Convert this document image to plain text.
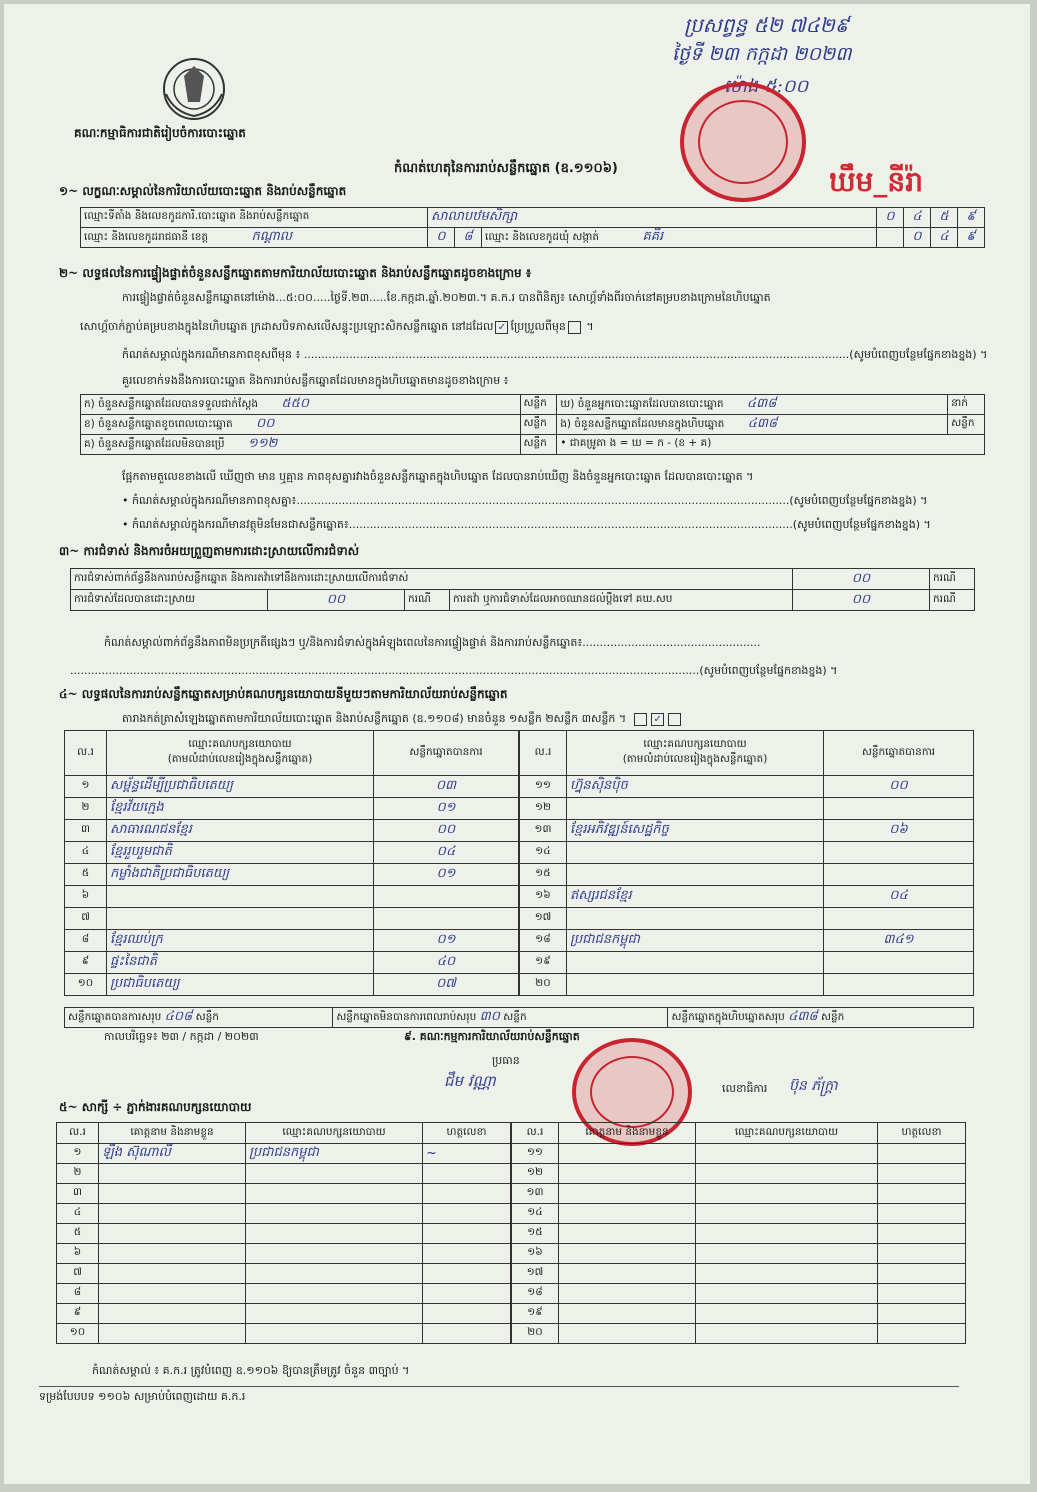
គណៈកម្មាធិការជាតិរៀបចំការបោះឆ្នោត
ប្រសព្វន្ធ ៥២ ៧៤២៩
ថ្ងៃទី ២៣ កក្កដា ២០២៣
ម៉ោង ៥:០០
ឃឹម_នីរ៉ា
កំណត់ហេតុនៃការរាប់សន្លឹកឆ្នោត (ឧ.១១០៦)
១~ លក្ខណៈសម្គាល់នៃការិយាល័យបោះឆ្នោត និងរាប់សន្លឹកឆ្នោត
ឈ្មោះទីតាំង និងលេខកូដការិ.បោះឆ្នោត និងរាប់សន្លឹកឆ្នោត	សាលាបឋមសិក្សា			០	៤	៥	៩
ឈ្មោះ និងលេខកូដរាជធានី ខេត្ត កណ្ដាល	០	៨	ឈ្មោះ និងលេខកូដឃុំ សង្កាត់ គគីរ		០	៤	៩
២~ លទ្ធផលនៃការផ្ទៀងផ្ទាត់ចំនួនសន្លឹកឆ្នោតតាមការិយាល័យបោះឆ្នោត និងរាប់សន្លឹកឆ្នោតដូចខាងក្រោម ៖
ការផ្ទៀងផ្ទាត់ចំនួនសន្លឹកឆ្នោតនៅម៉ោង...៥:០០.....ថ្ងៃទី.២៣.....ខែ.កក្កដា.ឆ្នាំ.២០២៣.។ គ.ក.រ បានពិនិត្យ៖ សោហ្គ័ទាំងពីរចាក់នៅគម្របខាងក្រោមនៃហិបឆ្នោត
សោហ្គ័ចាក់ភ្ជាប់គម្របខាងក្នុងនៃហិបឆ្នោត ក្រដាសបិទភាសលើសន្ទុះប្រឡោះសិកសន្លឹកឆ្នោត នៅដដែល ✓ ប្រែប្រួលពីមុន ។
កំណត់សម្គាល់ក្នុងករណីមានភាពខុសពីមុន ៖ ............................................................................................................................................................(សូមបំពេញបន្ថែមផ្នែកខាងខ្នង) ។
គួរលេខាក់ទងនឹងការបោះឆ្នោត និងការរាប់សន្លឹកឆ្នោតដែលមានក្នុងហិបឆ្នោតមានដូចខាងក្រោម ៖
ក) ចំនួនសន្លឹកឆ្នោតដែលបានទទួលជាក់ស្ដែង ៥៥០	សន្លឹក	ឃ) ចំនួនអ្នកបោះឆ្នោតដែលបានបោះឆ្នោត ៤៣៨	នាក់
ខ) ចំនួនសន្លឹកឆ្នោតខូចពេលបោះឆ្នោត ០០	សន្លឹក	ង) ចំនួនសន្លឹកឆ្នោតដែលមានក្នុងហិបឆ្នោត ៤៣៨	សន្លឹក
គ) ចំនួនសន្លឹកឆ្នោតដែលមិនបានប្រើ ១១២	សន្លឹក	• ជាគម្រូតា ង = ឃ = ក - (ខ + គ)	
ផ្អែកតាមតួលេខខាងលើ ឃើញថា មាន ឬគ្មាន ភាពខុសគ្នារវាងចំនួនសន្លឹកឆ្នោតក្នុងហិបឆ្នោត ដែលបានរាប់ឃើញ និងចំនួនអ្នកបោះឆ្នោត ដែលបានបោះឆ្នោត ។
• កំណត់សម្គាល់ក្នុងករណីមានភាពខុសគ្នា៖.............................................................................................................................................(សូមបំពេញបន្ថែមផ្នែកខាងខ្នង) ។
• កំណត់សម្គាល់ក្នុងករណីមានវត្ថុមិនមែនជាសន្លឹកឆ្នោត៖...............................................................................................................................(សូមបំពេញបន្ថែមផ្នែកខាងខ្នង) ។
៣~ ការជំទាស់ និងការចំអយព្រួញតាមការដោះស្រាយលើការជំទាស់
ការជំទាស់ពាក់ព័ន្ធនឹងការរាប់សន្លឹកឆ្នោត និងការតវ៉ាទៅនឹងការដោះស្រាយលើការជំទាស់				០០	ករណី
ការជំទាស់ដែលបានដោះស្រាយ	០០	ករណី	ការតវ៉ា ឬការជំទាស់ដែលអាចឈានដល់ប្ដឹងទៅ គឃ.សប	០០	ករណី
កំណត់សម្គាល់ពាក់ព័ន្ធនឹងភាពមិនប្រក្រតីផ្សេងៗ ឬ/និងការជំទាស់ក្នុងអំឡុងពេលនៃការផ្ទៀងផ្ទាត់ និងការរាប់សន្លឹកឆ្នោត៖...................................................
....................................................................................................................................................................................(សូមបំពេញបន្ថែមផ្នែកខាងខ្នង) ។
៤~ លទ្ធផលនៃការរាប់សន្លឹកឆ្នោតសម្រាប់គណបក្សនយោបាយនីមួយៗតាមការិយាល័យរាប់សន្លឹកឆ្នោត
តារាងកត់ត្រាសំឡេងឆ្នោតតាមការិយាល័យបោះឆ្នោត និងរាប់សន្លឹកឆ្នោត (ឧ.១១០៨) មានចំនួន ១សន្លឹក ២សន្លឹក ៣សន្លឹក ។	✓
ល.រ	ឈ្មោះគណបក្សនយោបាយ
(តាមលំដាប់លេខរៀងក្នុងសន្លឹកឆ្នោត)	សន្លឹកឆ្នោតបានការ
១	សម្ព័ន្ធដើម្បីប្រជាធិបតេយ្យ	០៣
២	ខ្មែរវ័យក្មេង	០១
៣	សាធារណជនខ្មែរ	០០
៤	ខ្មែររួបរួមជាតិ	០៤
៥	កម្លាំងជាតិប្រជាធិបតេយ្យ	០១
៦		
៧		
៨	ខ្មែរឈប់ក្រ	០១
៩	ផ្ទះនៃជាតិ	៤០
១០	ប្រជាធិបតេយ្យ	០៧
ល.រ	ឈ្មោះគណបក្សនយោបាយ
(តាមលំដាប់លេខរៀងក្នុងសន្លឹកឆ្នោត)	សន្លឹកឆ្នោតបានការ
១១	ហ្វ៊ុនស៊ិនប៉ិច	០០
១២		
១៣	ខ្មែរអភិវឌ្ឍន៍សេដ្ឋកិច្ច	០៦
១៤		
១៥		
១៦	ឥស្សរជនខ្មែរ	០៤
១៧		
១៨	ប្រជាជនកម្ពុជា	៣៤១
១៩		
២០		
សន្លឹកឆ្នោតបានការសរុប ៤០៨ សន្លឹក	សន្លឹកឆ្នោតមិនបានការពេលរាប់សរុប ៣០ សន្លឹក	សន្លឹកឆ្នោតក្នុងហិបឆ្នោតសរុប ៤៣៨ សន្លឹក
កាលបរិច្ឆេទ៖ ២៣ / កក្កដា / ២០២៣	៩. គណៈកម្មការការិយាល័យរាប់សន្លឹកឆ្នោត
ប្រធាន
ជឹម វណ្ណា	លេខាធិការ ប៊ុន ភ័ក្រ្តា
៥~ សាក្សី ÷ ភ្នាក់ងារគណបក្សនយោបាយ
ល.រ	គោត្តនាម និងនាមខ្លួន	ឈ្មោះគណបក្សនយោបាយ	ហត្ថលេខា
១	ឡឹង ស៊ុណាលី	ប្រជាជនកម្ពុជា	~
២			
៣			
៤			
៥			
៦			
៧			
៨			
៩			
១០			
ល.រ	គោត្តនាម និងនាមខ្លួន	ឈ្មោះគណបក្សនយោបាយ	ហត្ថលេខា
១១			
១២			
១៣			
១៤			
១៥			
១៦			
១៧			
១៨			
១៩			
២០			
កំណត់សម្គាល់ ៖ គ.ក.រ ត្រូវបំពេញ ឧ.១១០៦ ឱ្យបានត្រឹមត្រូវ ចំនួន ៣ច្បាប់ ។
ទម្រង់បែបបទ ១១០៦ សម្រាប់បំពេញដោយ គ.ក.រ
